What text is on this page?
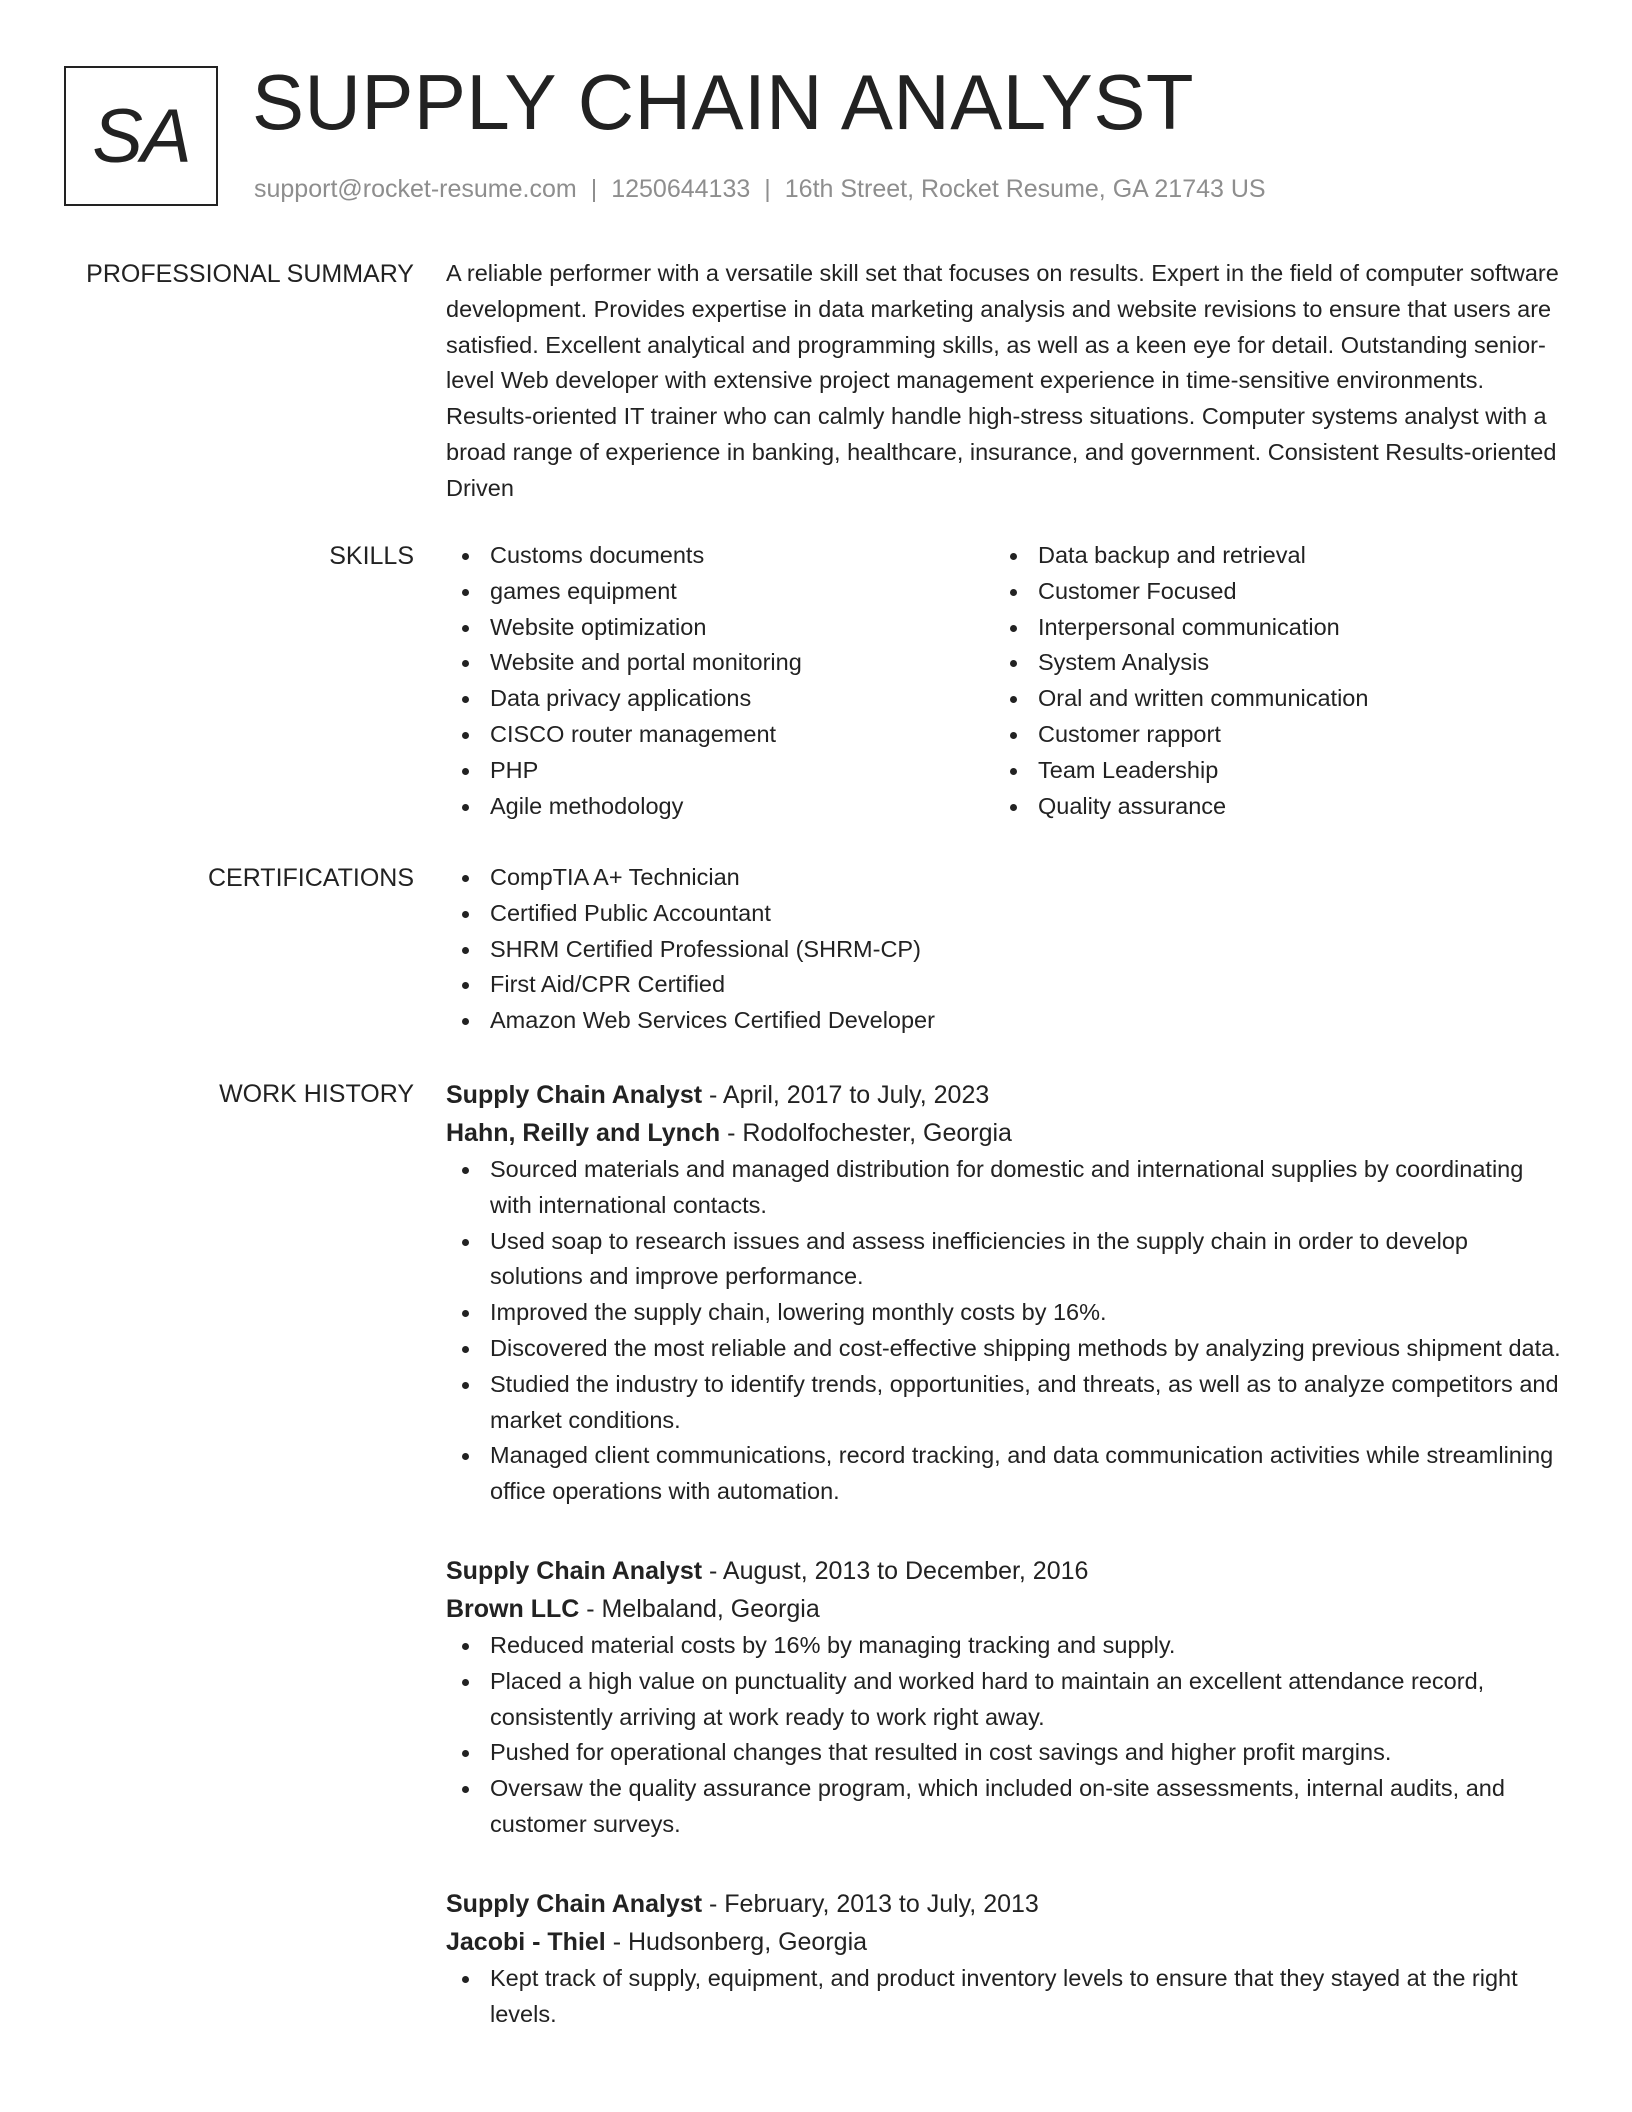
SA SUPPLY CHAIN ANALYST
support@rocket-resume.com | 1250644133 | 16th Street, Rocket Resume, GA 21743 US
PROFESSIONAL SUMMARY A reliable performer with a versatile skill set that focuses on results. Expert in the field of computer software development. Provides expertise in data marketing analysis and website revisions to ensure that users are satisfied. Excellent analytical and programming skills, as well as a keen eye for detail. Outstanding senior-level Web developer with extensive project management experience in time-sensitive environments. Results-oriented IT trainer who can calmly handle high-stress situations. Computer systems analyst with a broad range of experience in banking, healthcare, insurance, and government. Consistent Results-oriented Driven

SKILLS	Customs documents
games equipment
Website optimization
Website and portal monitoring
Data privacy applications
CISCO router management
PHP
Agile methodology
Data backup and retrieval
Customer Focused
Interpersonal communication
System Analysis
Oral and written communication
Customer rapport
Team Leadership
Quality assurance
CERTIFICATIONS	CompTIA A+ Technician
Certified Public Accountant
SHRM Certified Professional (SHRM-CP)
First Aid/CPR Certified
Amazon Web Services Certified Developer
WORK HISTORY Supply Chain Analyst - April, 2017 to July, 2023
Hahn, Reilly and Lynch - Rodolfochester, Georgia
Sourced materials and managed distribution for domestic and international supplies by coordinating with international contacts.
Used soap to research issues and assess inefficiencies in the supply chain in order to develop solutions and improve performance.
Improved the supply chain, lowering monthly costs by 16%.
Discovered the most reliable and cost-effective shipping methods by analyzing previous shipment data.
Studied the industry to identify trends, opportunities, and threats, as well as to analyze competitors and market conditions.
Managed client communications, record tracking, and data communication activities while streamlining office operations with automation.
Supply Chain Analyst - August, 2013 to December, 2016
Brown LLC - Melbaland, Georgia
Reduced material costs by 16% by managing tracking and supply.
Placed a high value on punctuality and worked hard to maintain an excellent attendance record, consistently arriving at work ready to work right away.
Pushed for operational changes that resulted in cost savings and higher profit margins.
Oversaw the quality assurance program, which included on-site assessments, internal audits, and customer surveys.
Supply Chain Analyst - February, 2013 to July, 2013
Jacobi - Thiel - Hudsonberg, Georgia
Kept track of supply, equipment, and product inventory levels to ensure that they stayed at the right levels.
